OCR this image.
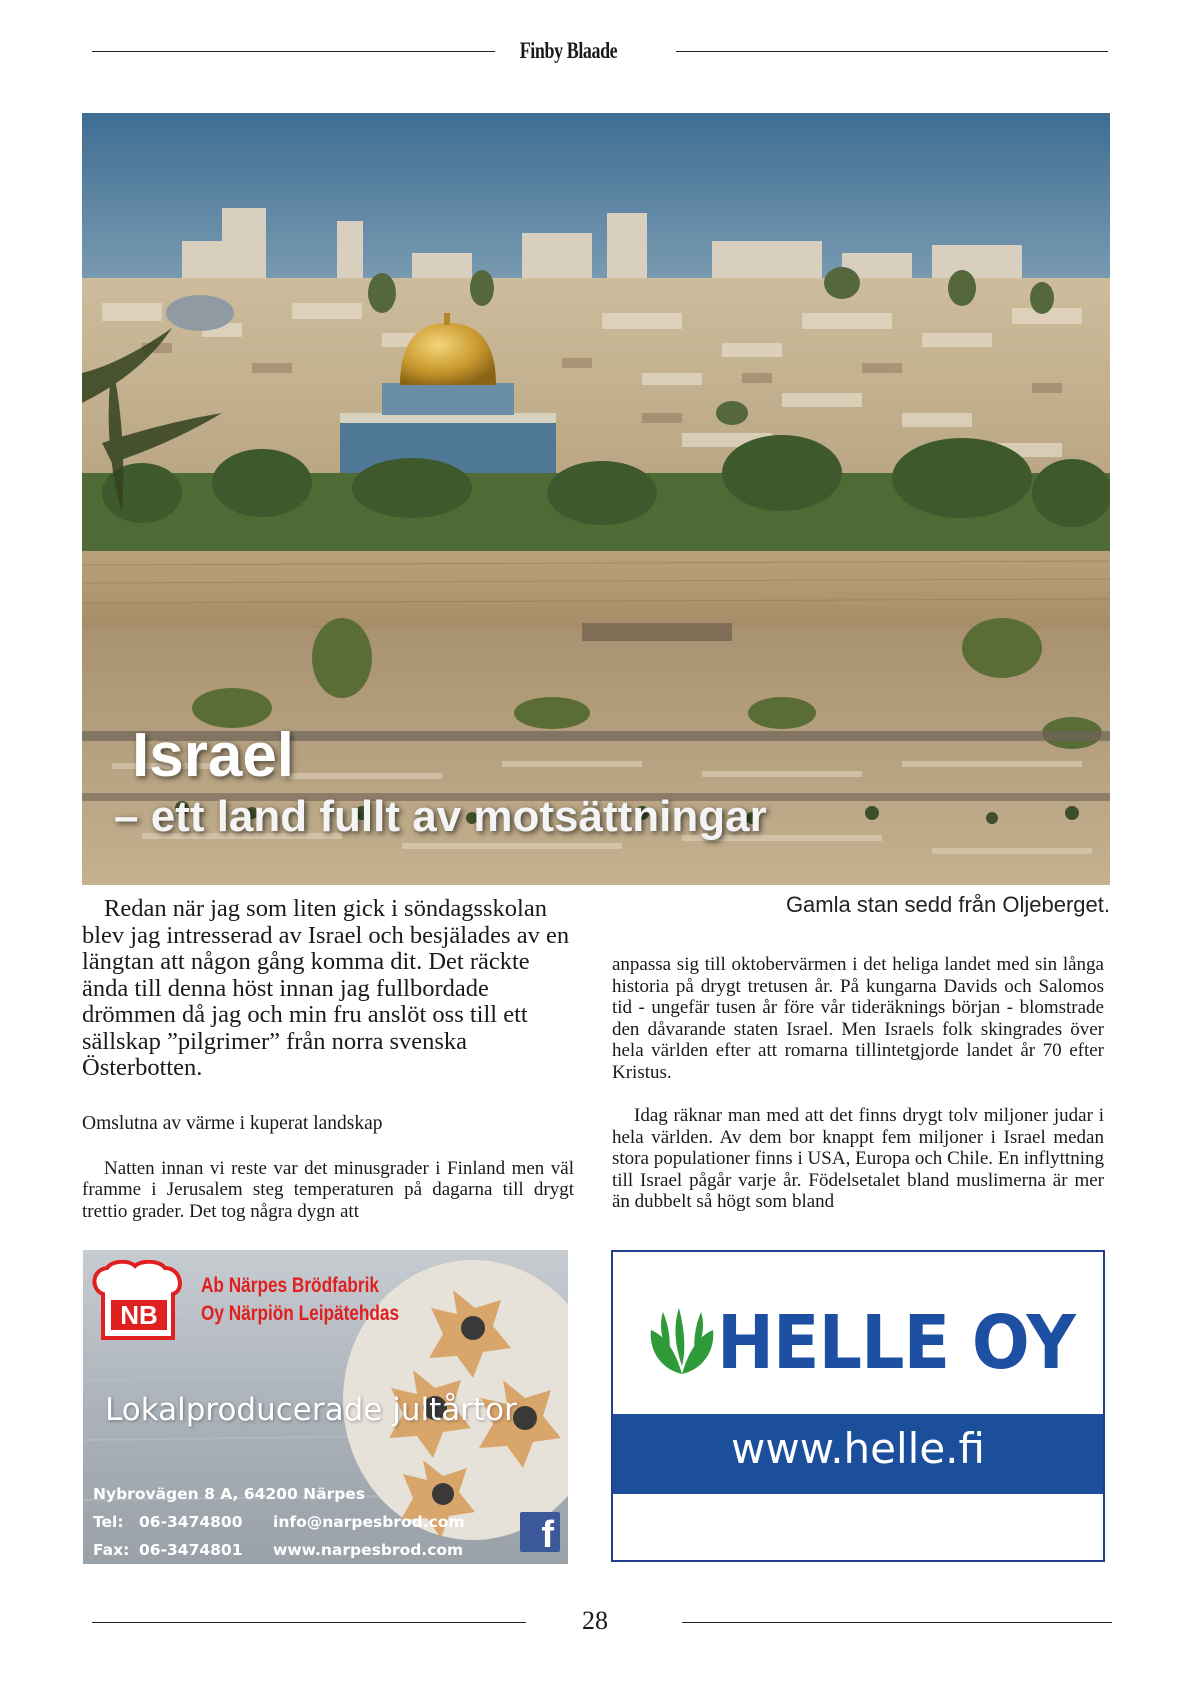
Finby Blaade
Israel
– ett land fullt av motsättningar
Gamla stan sedd från Oljeberget.

Redan när jag som liten gick i söndagsskolan blev jag intresserad av Israel och besjälades av en längtan att någon gång komma dit. Det räckte ända till denna höst innan jag fullbordade drömmen då jag och min fru anslöt oss till ett sällskap ”pilgrimer” från norra svenska Österbotten.

Omslutna av värme i kuperat landskap

Natten innan vi reste var det minusgrader i Finland men väl framme i Jerusalem steg temperaturen på dagarna till drygt trettio grader. Det tog några dygn att

anpassa sig till oktobervärmen i det heliga landet med sin långa historia på drygt tretusen år. På kungarna Davids och Salomos tid - ungefär tusen år före vår tideräknings början - blomstrade den dåvarande staten Israel. Men Israels folk skingrades över hela världen efter att romarna tillintetgjorde landet år 70 efter Kristus.

Idag räknar man med att det finns drygt tolv miljoner judar i hela världen. Av dem bor knappt fem miljoner i Israel medan stora populationer finns i USA, Europa och Chile. En inflyttning till Israel pågår varje år. Födelsetalet bland muslimerna är mer än dubbelt så högt som bland

NB
Ab Närpes Brödfabrik
Oy Närpiön Leipätehdas
Lokalproducerade jultårtor
Nybrovägen 8 A, 64200 Närpes
Tel: 06-3474800 info@narpesbrod.com
Fax: 06-3474801 www.narpesbrod.com	f
HELLE OY
www.helle.fi
28
